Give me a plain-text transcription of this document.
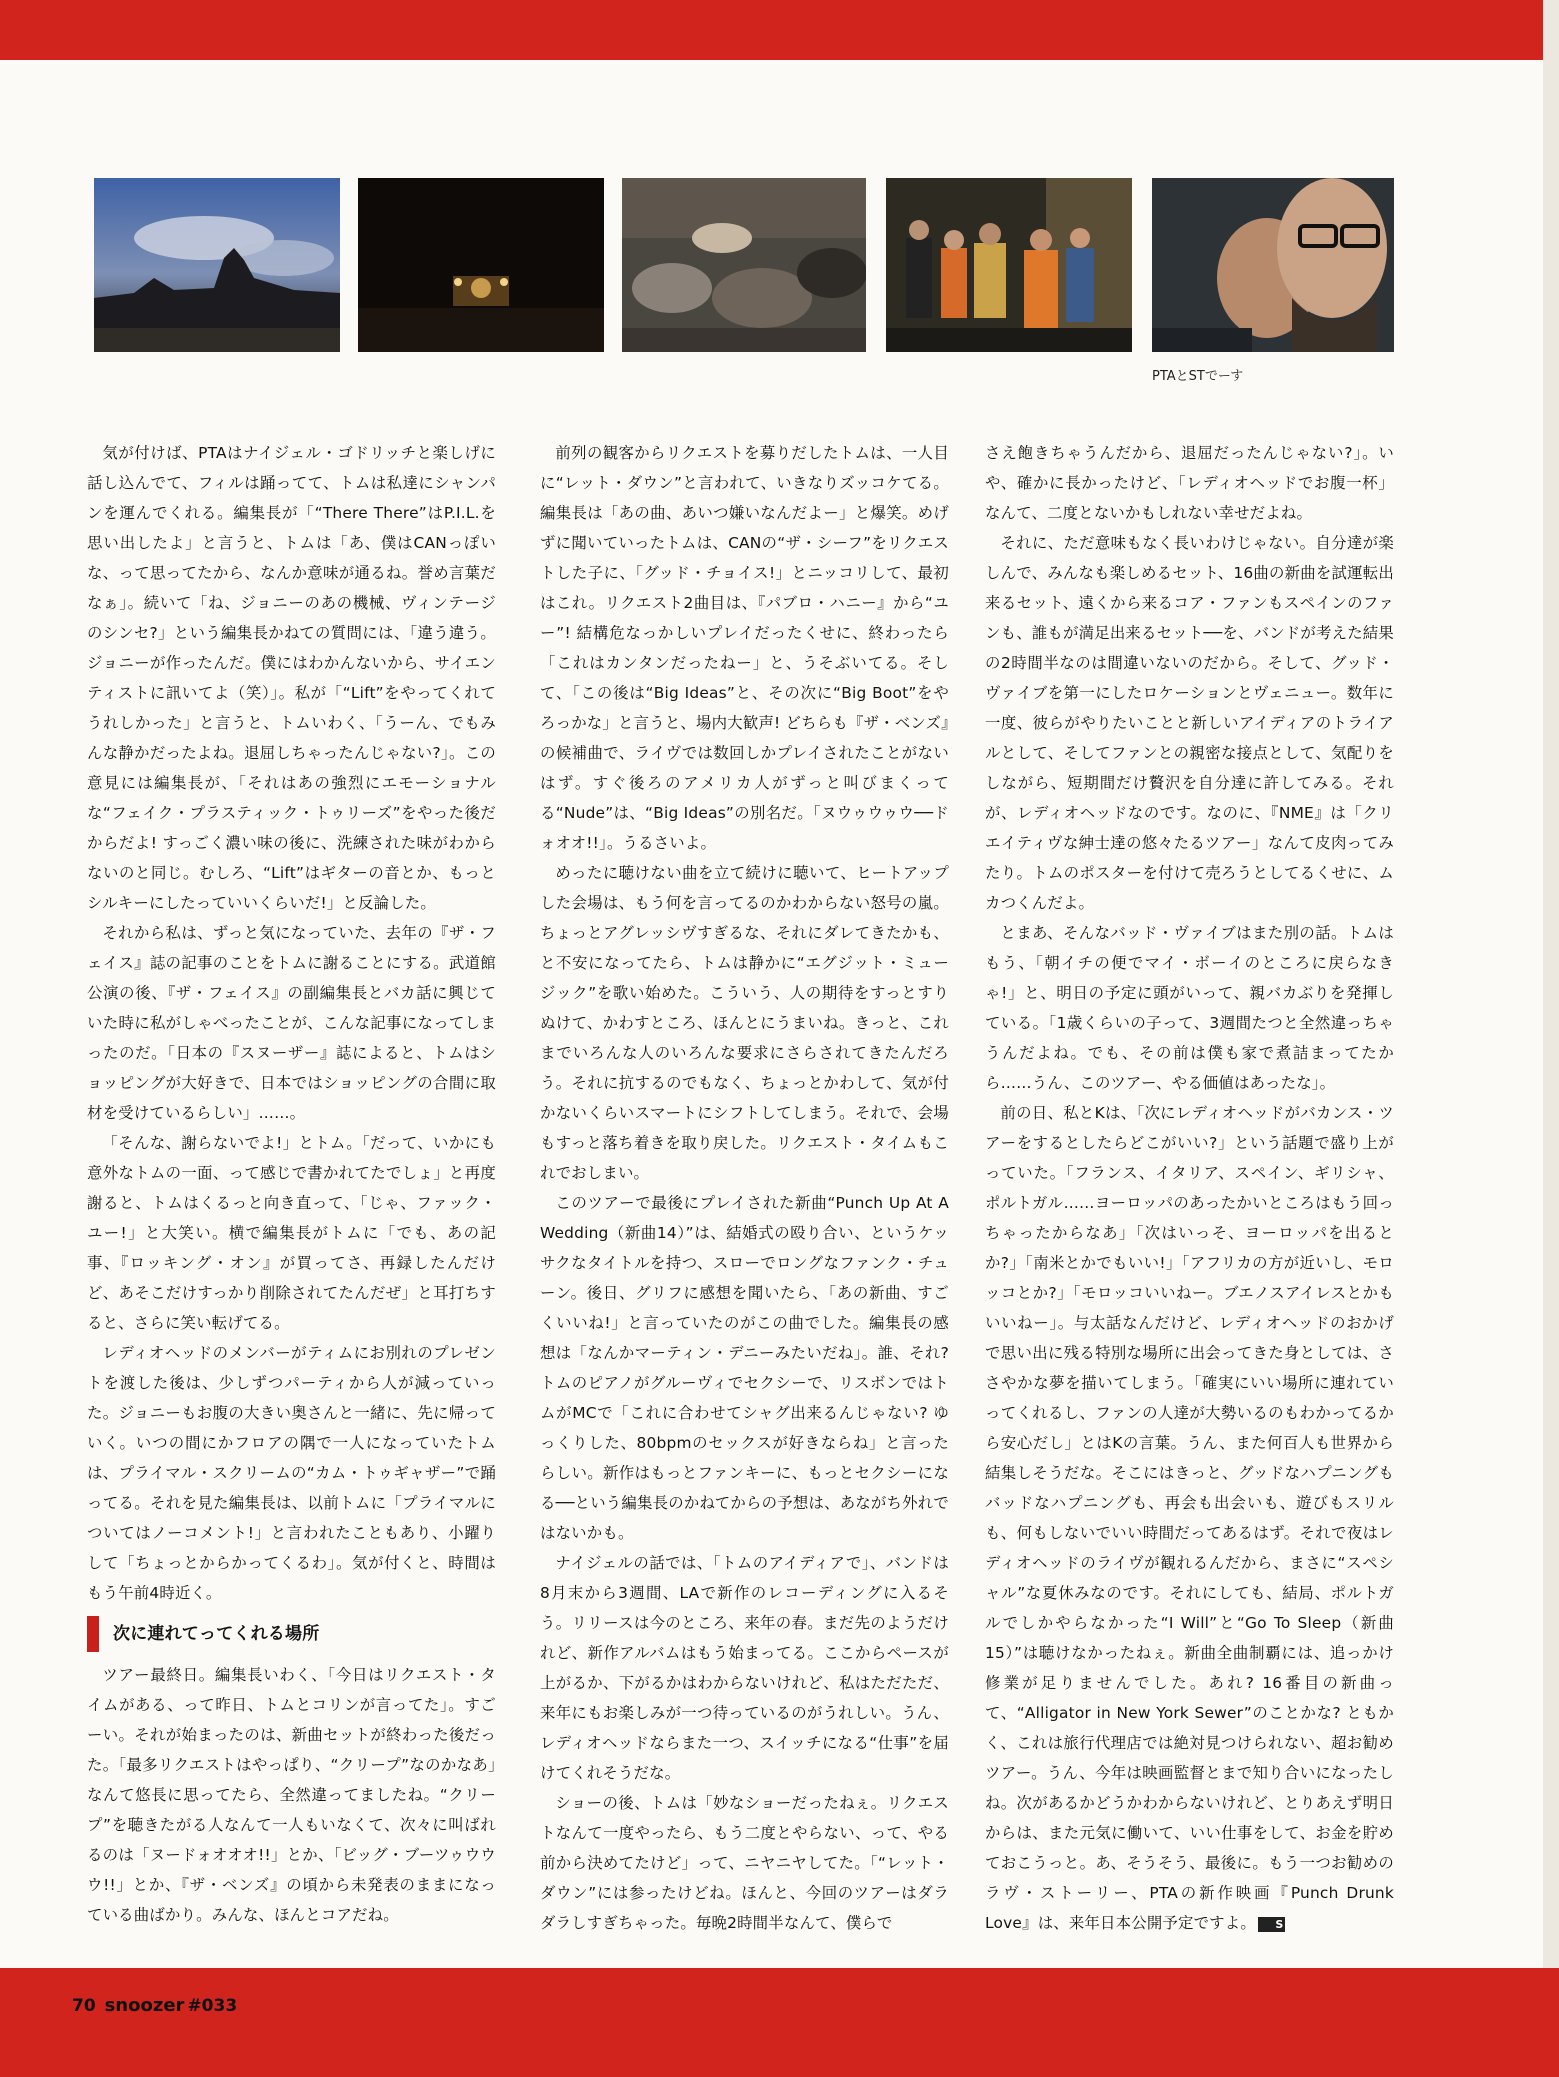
PTAとSTでーす

気が付けば、PTAはナイジェル・ゴドリッチと楽しげに話し込んでて、フィルは踊ってて、トムは私達にシャンパンを運んでくれる。編集長が「“There There”はP.I.L.を思い出したよ」と言うと、トムは「あ、僕はCANっぽいな、って思ってたから、なんか意味が通るね。誉め言葉だなぁ」。続いて「ね、ジョニーのあの機械、ヴィンテージのシンセ?」という編集長かねての質問には、「違う違う。ジョニーが作ったんだ。僕にはわかんないから、サイエンティストに訊いてよ（笑）」。私が「“Lift”をやってくれてうれしかった」と言うと、トムいわく、「うーん、でもみんな静かだったよね。退屈しちゃったんじゃない?」。この意見には編集長が、「それはあの強烈にエモーショナルな“フェイク・プラスティック・トゥリーズ”をやった後だからだよ! すっごく濃い味の後に、洗練された味がわからないのと同じ。むしろ、“Lift”はギターの音とか、もっとシルキーにしたっていいくらいだ!」と反論した。

それから私は、ずっと気になっていた、去年の『ザ・フェイス』誌の記事のことをトムに謝ることにする。武道館公演の後、『ザ・フェイス』の副編集長とバカ話に興じていた時に私がしゃべったことが、こんな記事になってしまったのだ。「日本の『スヌーザー』誌によると、トムはショッピングが大好きで、日本ではショッピングの合間に取材を受けているらしい」……。

「そんな、謝らないでよ!」とトム。「だって、いかにも意外なトムの一面、って感じで書かれてたでしょ」と再度謝ると、トムはくるっと向き直って、「じゃ、ファック・ユー!」と大笑い。横で編集長がトムに「でも、あの記事、『ロッキング・オン』が買ってさ、再録したんだけど、あそこだけすっかり削除されてたんだぜ」と耳打ちすると、さらに笑い転げてる。

レディオヘッドのメンバーがティムにお別れのプレゼントを渡した後は、少しずつパーティから人が減っていった。ジョニーもお腹の大きい奥さんと一緒に、先に帰っていく。いつの間にかフロアの隅で一人になっていたトムは、プライマル・スクリームの“カム・トゥギャザー”で踊ってる。それを見た編集長は、以前トムに「プライマルについてはノーコメント!」と言われたこともあり、小躍りして「ちょっとからかってくるわ」。気が付くと、時間はもう午前4時近く。

次に連れてってくれる場所

ツアー最終日。編集長いわく、「今日はリクエスト・タイムがある、って昨日、トムとコリンが言ってた」。すごーい。それが始まったのは、新曲セットが終わった後だった。「最多リクエストはやっぱり、“クリープ”なのかなあ」なんて悠長に思ってたら、全然違ってましたね。“クリープ”を聴きたがる人なんて一人もいなくて、次々に叫ばれるのは「ヌードォオオオ!!」とか、「ビッグ・ブーツゥウウウ!!」とか、『ザ・ベンズ』の頃から未発表のままになっている曲ばかり。みんな、ほんとコアだね。

前列の観客からリクエストを募りだしたトムは、一人目に“レット・ダウン”と言われて、いきなりズッコケてる。編集長は「あの曲、あいつ嫌いなんだよー」と爆笑。めげずに聞いていったトムは、CANの“ザ・シーフ”をリクエストした子に、「グッド・チョイス!」とニッコリして、最初はこれ。リクエスト2曲目は、『パブロ・ハニー』から“ユー”! 結構危なっかしいプレイだったくせに、終わったら「これはカンタンだったねー」と、うそぶいてる。そして、「この後は“Big Ideas”と、その次に“Big Boot”をやろっかな」と言うと、場内大歓声! どちらも『ザ・ベンズ』の候補曲で、ライヴでは数回しかプレイされたことがないはず。すぐ後ろのアメリカ人がずっと叫びまくってる“Nude”は、“Big Ideas”の別名だ。「ヌウゥウゥウ──ドォオオ!!」。うるさいよ。

めったに聴けない曲を立て続けに聴いて、ヒートアップした会場は、もう何を言ってるのかわからない怒号の嵐。ちょっとアグレッシヴすぎるな、それにダレてきたかも、と不安になってたら、トムは静かに“エグジット・ミュージック”を歌い始めた。こういう、人の期待をすっとすりぬけて、かわすところ、ほんとにうまいね。きっと、これまでいろんな人のいろんな要求にさらされてきたんだろう。それに抗するのでもなく、ちょっとかわして、気が付かないくらいスマートにシフトしてしまう。それで、会場もすっと落ち着きを取り戻した。リクエスト・タイムもこれでおしまい。

このツアーで最後にプレイされた新曲“Punch Up At A Wedding（新曲14）”は、結婚式の殴り合い、というケッサクなタイトルを持つ、スローでロングなファンク・チューン。後日、グリフに感想を聞いたら、「あの新曲、すごくいいね!」と言っていたのがこの曲でした。編集長の感想は「なんかマーティン・デニーみたいだね」。誰、それ? トムのピアノがグルーヴィでセクシーで、リスボンではトムがMCで「これに合わせてシャグ出来るんじゃない? ゆっくりした、80bpmのセックスが好きならね」と言ったらしい。新作はもっとファンキーに、もっとセクシーになる──という編集長のかねてからの予想は、あながち外れではないかも。

ナイジェルの話では、「トムのアイディアで」、バンドは8月末から3週間、LAで新作のレコーディングに入るそう。リリースは今のところ、来年の春。まだ先のようだけれど、新作アルバムはもう始まってる。ここからペースが上がるか、下がるかはわからないけれど、私はただただ、来年にもお楽しみが一つ待っているのがうれしい。うん、レディオヘッドならまた一つ、スイッチになる“仕事”を届けてくれそうだな。

ショーの後、トムは「妙なショーだったねぇ。リクエストなんて一度やったら、もう二度とやらない、って、やる前から決めてたけど」って、ニヤニヤしてた。「“レット・ダウン”には参ったけどね。ほんと、今回のツアーはダラダラしすぎちゃった。毎晩2時間半なんて、僕らで

さえ飽きちゃうんだから、退屈だったんじゃない?」。いや、確かに長かったけど、「レディオヘッドでお腹一杯」なんて、二度とないかもしれない幸せだよね。

それに、ただ意味もなく長いわけじゃない。自分達が楽しんで、みんなも楽しめるセット、16曲の新曲を試運転出来るセット、遠くから来るコア・ファンもスペインのファンも、誰もが満足出来るセット──を、バンドが考えた結果の2時間半なのは間違いないのだから。そして、グッド・ヴァイブを第一にしたロケーションとヴェニュー。数年に一度、彼らがやりたいことと新しいアイディアのトライアルとして、そしてファンとの親密な接点として、気配りをしながら、短期間だけ贅沢を自分達に許してみる。それが、レディオヘッドなのです。なのに、『NME』は「クリエイティヴな紳士達の悠々たるツアー」なんて皮肉ってみたり。トムのポスターを付けて売ろうとしてるくせに、ムカつくんだよ。

とまあ、そんなバッド・ヴァイブはまた別の話。トムはもう、「朝イチの便でマイ・ボーイのところに戻らなきゃ!」と、明日の予定に頭がいって、親バカぶりを発揮している。「1歳くらいの子って、3週間たつと全然違っちゃうんだよね。でも、その前は僕も家で煮詰まってたから……うん、このツアー、やる価値はあったな」。

前の日、私とKは、「次にレディオヘッドがバカンス・ツアーをするとしたらどこがいい?」という話題で盛り上がっていた。「フランス、イタリア、スペイン、ギリシャ、ポルトガル……ヨーロッパのあったかいところはもう回っちゃったからなあ」「次はいっそ、ヨーロッパを出るとか?」「南米とかでもいい!」「アフリカの方が近いし、モロッコとか?」「モロッコいいねー。ブエノスアイレスとかもいいねー」。与太話なんだけど、レディオヘッドのおかげで思い出に残る特別な場所に出会ってきた身としては、ささやかな夢を描いてしまう。「確実にいい場所に連れていってくれるし、ファンの人達が大勢いるのもわかってるから安心だし」とはKの言葉。うん、また何百人も世界から結集しそうだな。そこにはきっと、グッドなハプニングもバッドなハプニングも、再会も出会いも、遊びもスリルも、何もしないでいい時間だってあるはず。それで夜はレディオヘッドのライヴが観れるんだから、まさに“スペシャル”な夏休みなのです。それにしても、結局、ポルトガルでしかやらなかった“I Will”と“Go To Sleep（新曲15）”は聴けなかったねぇ。新曲全曲制覇には、追っかけ修業が足りませんでした。あれ? 16番目の新曲って、“Alligator in New York Sewer”のことかな? ともかく、これは旅行代理店では絶対見つけられない、超お勧めツアー。うん、今年は映画監督とまで知り合いになったしね。次があるかどうかわからないけれど、とりあえず明日からは、また元気に働いて、いい仕事をして、お金を貯めておこうっと。あ、そうそう、最後に。もう一つお勧めのラヴ・ストーリー、PTAの新作映画『Punch Drunk Love』は、来年日本公開予定ですよ。 S

70 snoozer #033
